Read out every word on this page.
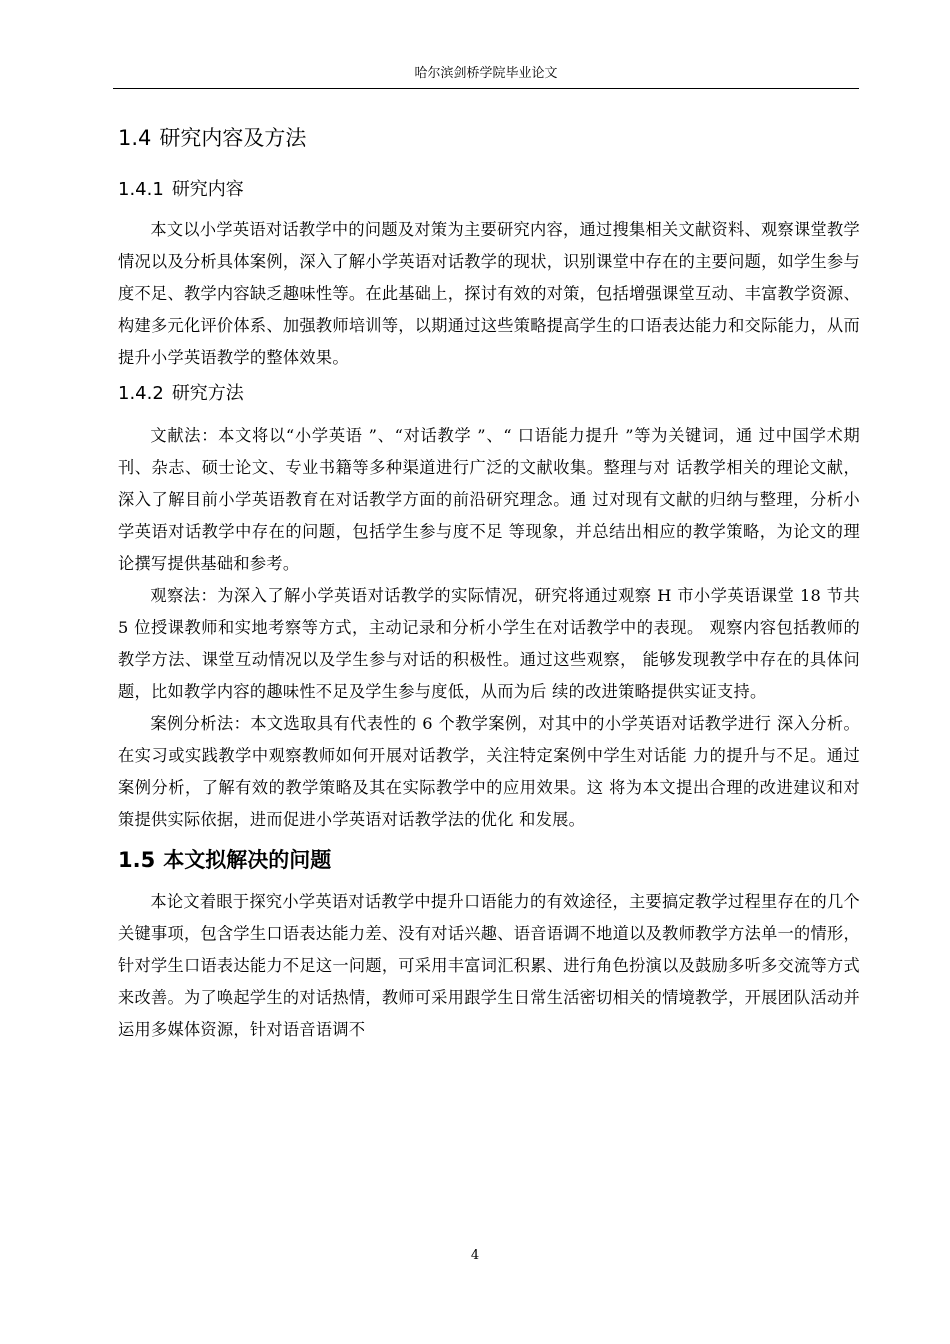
哈尔滨剑桥学院毕业论文
1.4 研究内容及方法
1.4.1 研究内容

本文以小学英语对话教学中的问题及对策为主要研究内容，通过搜集相关文献资料、观察课堂教学情况以及分析具体案例，深入了解小学英语对话教学的现状，识别课堂中存在的主要问题，如学生参与度不足、教学内容缺乏趣味性等。在此基础上，探讨有效的对策，包括增强课堂互动、丰富教学资源、构建多元化评价体系、加强教师培训等，以期通过这些策略提高学生的口语表达能力和交际能力，从而提升小学英语教学的整体效果。

1.4.2 研究方法

文献法：本文将以“小学英语 ”、“对话教学 ”、“ 口语能力提升 ”等为关键词，通 过中国学术期刊、杂志、硕士论文、专业书籍等多种渠道进行广泛的文献收集。整理与对 话教学相关的理论文献，深入了解目前小学英语教育在对话教学方面的前沿研究理念。通 过对现有文献的归纳与整理，分析小学英语对话教学中存在的问题，包括学生参与度不足 等现象，并总结出相应的教学策略，为论文的理论撰写提供基础和参考。

观察法：为深入了解小学英语对话教学的实际情况，研究将通过观察 H 市小学英语课堂 18 节共 5 位授课教师和实地考察等方式，主动记录和分析小学生在对话教学中的表现。 观察内容包括教师的教学方法、课堂互动情况以及学生参与对话的积极性。通过这些观察， 能够发现教学中存在的具体问题，比如教学内容的趣味性不足及学生参与度低，从而为后 续的改进策略提供实证支持。

案例分析法：本文选取具有代表性的 6 个教学案例，对其中的小学英语对话教学进行 深入分析。在实习或实践教学中观察教师如何开展对话教学，关注特定案例中学生对话能 力的提升与不足。通过案例分析，了解有效的教学策略及其在实际教学中的应用效果。这 将为本文提出合理的改进建议和对策提供实际依据，进而促进小学英语对话教学法的优化 和发展。

1.5 本文拟解决的问题

本论文着眼于探究小学英语对话教学中提升口语能力的有效途径，主要搞定教学过程里存在的几个关键事项，包含学生口语表达能力差、没有对话兴趣、语音语调不地道以及教师教学方法单一的情形，针对学生口语表达能力不足这一问题，可采用丰富词汇积累、进行角色扮演以及鼓励多听多交流等方式来改善。为了唤起学生的对话热情，教师可采用跟学生日常生活密切相关的情境教学，开展团队活动并运用多媒体资源，针对语音语调不

4
